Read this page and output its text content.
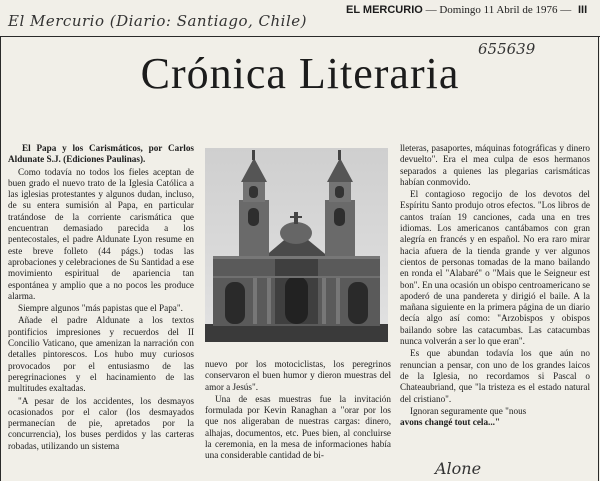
El Mercurio (Diario: Santiago, Chile)
655639
EL MERCURIO — Domingo 11 Abril de 1976 — III
Crónica Literaria

El Papa y los Carismáticos, por Carlos Aldunate S.J. (Ediciones Paulinas).

Como todavía no todos los fieles aceptan de buen grado el nuevo trato de la Iglesia Católica a las iglesias protestantes y algunos dudan, incluso, de su entera sumisión al Papa, en particular tratándose de la corriente carismática que encuentran demasiado parecida a los pentecostales, el padre Aldunate Lyon resume en este breve folleto (44 págs.) todas las aprobaciones y celebraciones de Su Santidad a ese movimiento espiritual de apariencia tan espontánea y amplio que a no pocos les produce alarma.

Siempre algunos "más papistas que el Papa".

Añade el padre Aldunate a los textos pontificios impresiones y recuerdos del II Concilio Vaticano, que amenizan la narración con detalles pintorescos. Los hubo muy curiosos provocados por el entusiasmo de las peregrinaciones y el hacinamiento de las multitudes exaltadas.

"A pesar de los accidentes, los desmayos ocasionados por el calor (los desmayados permanecían de pie, apretados por la concurrencia), los buses perdidos y las carteras robadas, utilizando un sistema

nuevo por los motociclistas, los peregrinos conservaron el buen humor y dieron muestras del amor a Jesús".

Una de esas muestras fue la invitación formulada por Kevin Ranaghan a "orar por los que nos aligeraban de nuestras cargas: dinero, alhajas, documentos, etc. Pues bien, al concluirse la ceremonia, en la mesa de informaciones había una considerable cantidad de bi-

lleteras, pasaportes, máquinas fotográficas y dinero devuelto". Era el mea culpa de esos hermanos separados a quienes las plegarias carismáticas habían conmovido.

El contagioso regocijo de los devotos del Espíritu Santo produjo otros efectos. "Los libros de cantos traían 19 canciones, cada una en tres idiomas. Los americanos cantábamos con gran alegría en francés y en español. No era raro mirar hacia afuera de la tienda grande y ver algunos cientos de personas tomadas de la mano bailando en ronda el "Alabaré" o "Mais que le Seigneur est bon". En una ocasión un obispo centroamericano se apoderó de una pandereta y dirigió el baile. A la mañana siguiente en la primera página de un diario decía algo así como: "Arzobispos y obispos bailando sobre las catacumbas. Las catacumbas nunca volverán a ser lo que eran".

Es que abundan todavía los que aún no renuncian a pensar, con uno de los grandes laicos de la Iglesia, no recordamos si Pascal o Chateaubriand, que "la tristeza es el estado natural del cristiano".

Ignoran seguramente que "nous
avons changé tout cela..."

Alone
